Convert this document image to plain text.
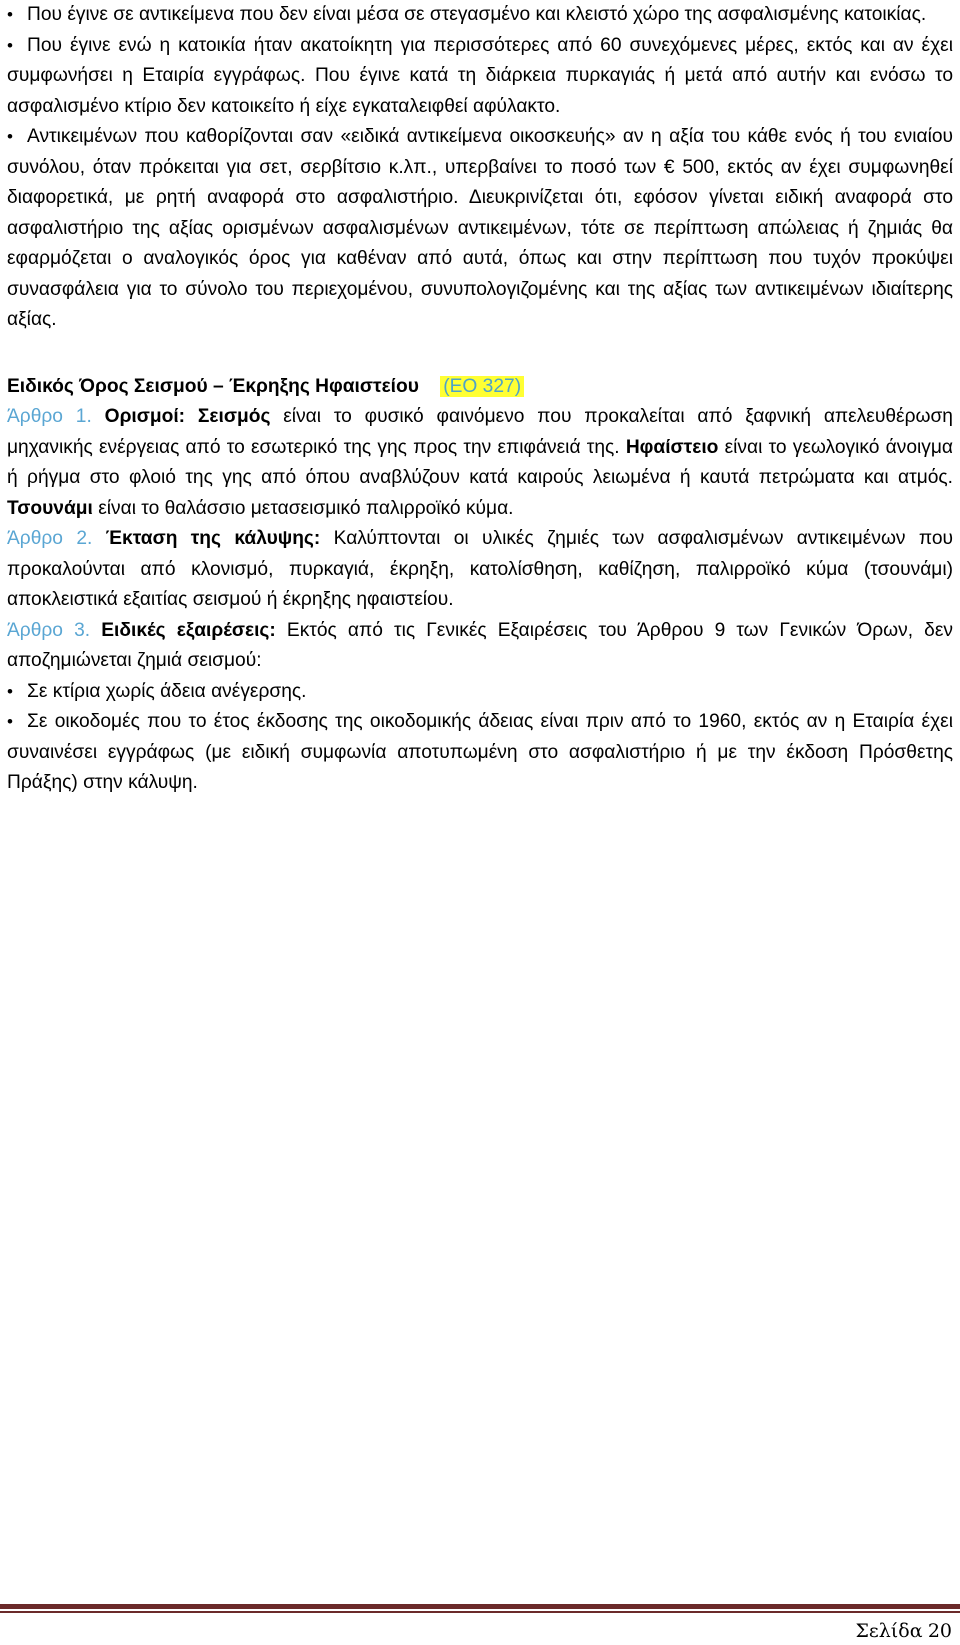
•Που έγινε σε αντικείμενα που δεν είναι μέσα σε στεγασμένο και κλειστό χώρο της ασφαλισμένης κατοικίας.

•Που έγινε ενώ η κατοικία ήταν ακατοίκητη για περισσότερες από 60 συνεχόμενες μέρες, εκτός και αν έχει συμφωνήσει η Εταιρία εγγράφως. Που έγινε κατά τη διάρκεια πυρκαγιάς ή μετά από αυτήν και ενόσω το ασφαλισμένο κτίριο δεν κατοικείτο ή είχε εγκαταλειφθεί αφύλακτο.

•Αντικειμένων που καθορίζονται σαν «ειδικά αντικείμενα οικοσκευής» αν η αξία του κάθε ενός ή του ενιαίου συνόλου, όταν πρόκειται για σετ, σερβίτσιο κ.λπ., υπερβαίνει το ποσό των € 500, εκτός αν έχει συμφωνηθεί διαφορετικά, με ρητή αναφορά στο ασφαλιστήριο. Διευκρινίζεται ότι, εφόσον γίνεται ειδική αναφορά στο ασφαλιστήριο της αξίας ορισμένων ασφαλισμένων αντικειμένων, τότε σε περίπτωση απώλειας ή ζημιάς θα εφαρμόζεται ο αναλογικός όρος για καθέναν από αυτά, όπως και στην περίπτωση που τυχόν προκύψει συνασφάλεια για το σύνολο του περιεχομένου, συνυπολογιζομένης και της αξίας των αντικειμένων ιδιαίτερης αξίας.

Ειδικός Όρος Σεισμού – Έκρηξης Ηφαιστείου (ΕΟ 327)

Άρθρο 1. Ορισμοί: Σεισμός είναι το φυσικό φαινόμενο που προκαλείται από ξαφνική απελευθέρωση μηχανικής ενέργειας από το εσωτερικό της γης προς την επιφάνειά της. Ηφαίστειο είναι το γεωλογικό άνοιγμα ή ρήγμα στο φλοιό της γης από όπου αναβλύζουν κατά καιρούς λειωμένα ή καυτά πετρώματα και ατμός. Τσουνάμι είναι το θαλάσσιο μετασεισμικό παλιρροϊκό κύμα.

Άρθρο 2. Έκταση της κάλυψης: Καλύπτονται οι υλικές ζημιές των ασφαλισμένων αντικειμένων που προκαλούνται από κλονισμό, πυρκαγιά, έκρηξη, κατολίσθηση, καθίζηση, παλιρροϊκό κύμα (τσουνάμι) αποκλειστικά εξαιτίας σεισμού ή έκρηξης ηφαιστείου.

Άρθρο 3. Ειδικές εξαιρέσεις: Εκτός από τις Γενικές Εξαιρέσεις του Άρθρου 9 των Γενικών Όρων, δεν αποζημιώνεται ζημιά σεισμού:

•Σε κτίρια χωρίς άδεια ανέγερσης.

•Σε οικοδομές που το έτος έκδοσης της οικοδομικής άδειας είναι πριν από το 1960, εκτός αν η Εταιρία έχει συναινέσει εγγράφως (με ειδική συμφωνία αποτυπωμένη στο ασφαλιστήριο ή με την έκδοση Πρόσθετης Πράξης) στην κάλυψη.

Σελίδα 20
